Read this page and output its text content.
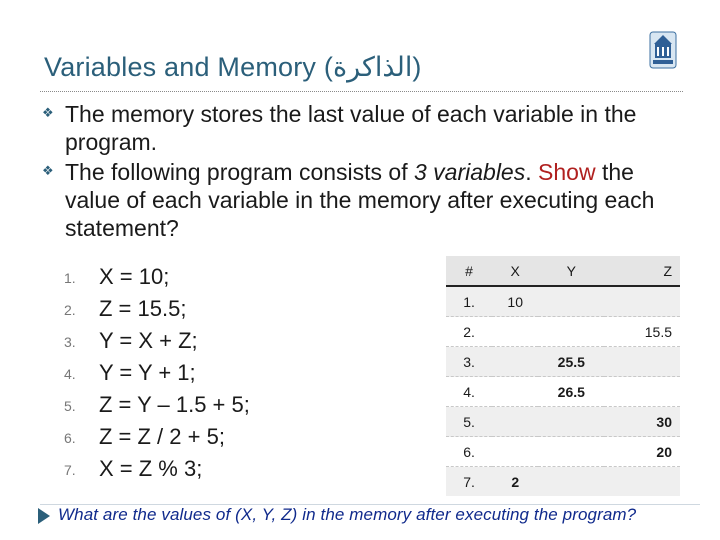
Variables and Memory (الذاكرة)
❖ The memory stores the last value of each variable in the program.
❖ The following program consists of 3 variables. Show the value of each variable in the memory after executing each statement?
1. X = 10;
2. Z = 15.5;
3. Y = X + Z;
4. Y = Y + 1;
5. Z = Y – 1.5 + 5;
6. Z = Z / 2 + 5;
7. X = Z % 3;
#	X	Y	Z
1.	10		
2.			15.5
3.		25.5	
4.		26.5	
5.			30
6.			20
7.	2		
What are the values of (X, Y, Z) in the memory after executing the program?
